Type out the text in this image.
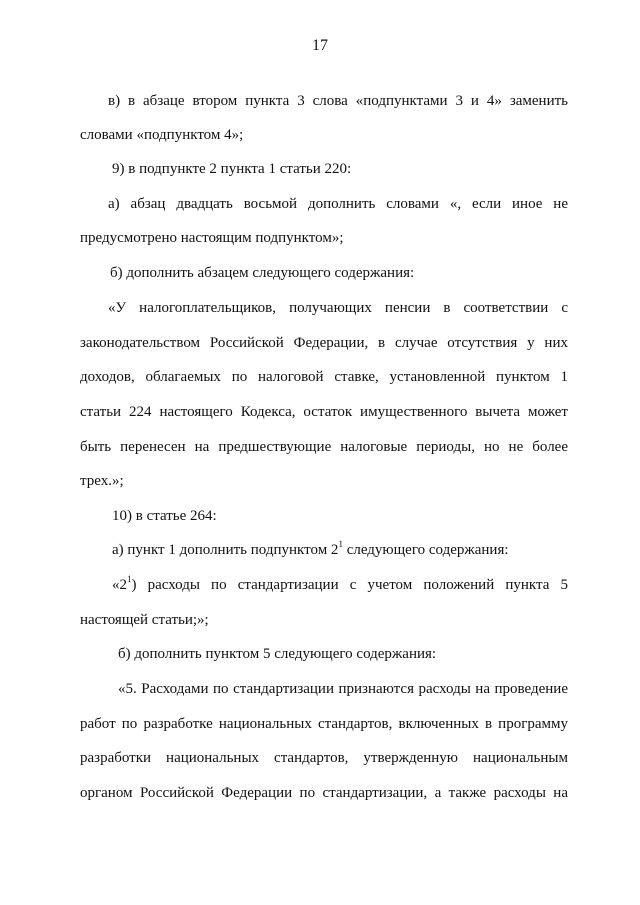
17
в) в абзаце втором пункта 3 слова «подпунктами 3 и 4» заменить
словами «подпунктом 4»;
9) в подпункте 2 пункта 1 статьи 220:
а) абзац двадцать восьмой дополнить словами «, если иное не
предусмотрено настоящим подпунктом»;
б) дополнить абзацем следующего содержания:
«У налогоплательщиков, получающих пенсии в соответствии с
законодательством Российской Федерации, в случае отсутствия у них
доходов, облагаемых по налоговой ставке, установленной пунктом 1
статьи 224 настоящего Кодекса, остаток имущественного вычета может
быть перенесен на предшествующие налоговые периоды, но не более
трех.»;
10) в статье 264:
а) пункт 1 дополнить подпунктом $2^1$ следующего содержания:
«$2^1$) расходы по стандартизации с учетом положений пункта 5
настоящей статьи;»;
б) дополнить пунктом 5 следующего содержания:
«5. Расходами по стандартизации признаются расходы на проведение
работ по разработке национальных стандартов, включенных в программу
разработки национальных стандартов, утвержденную национальным
органом Российской Федерации по стандартизации, а также расходы на
